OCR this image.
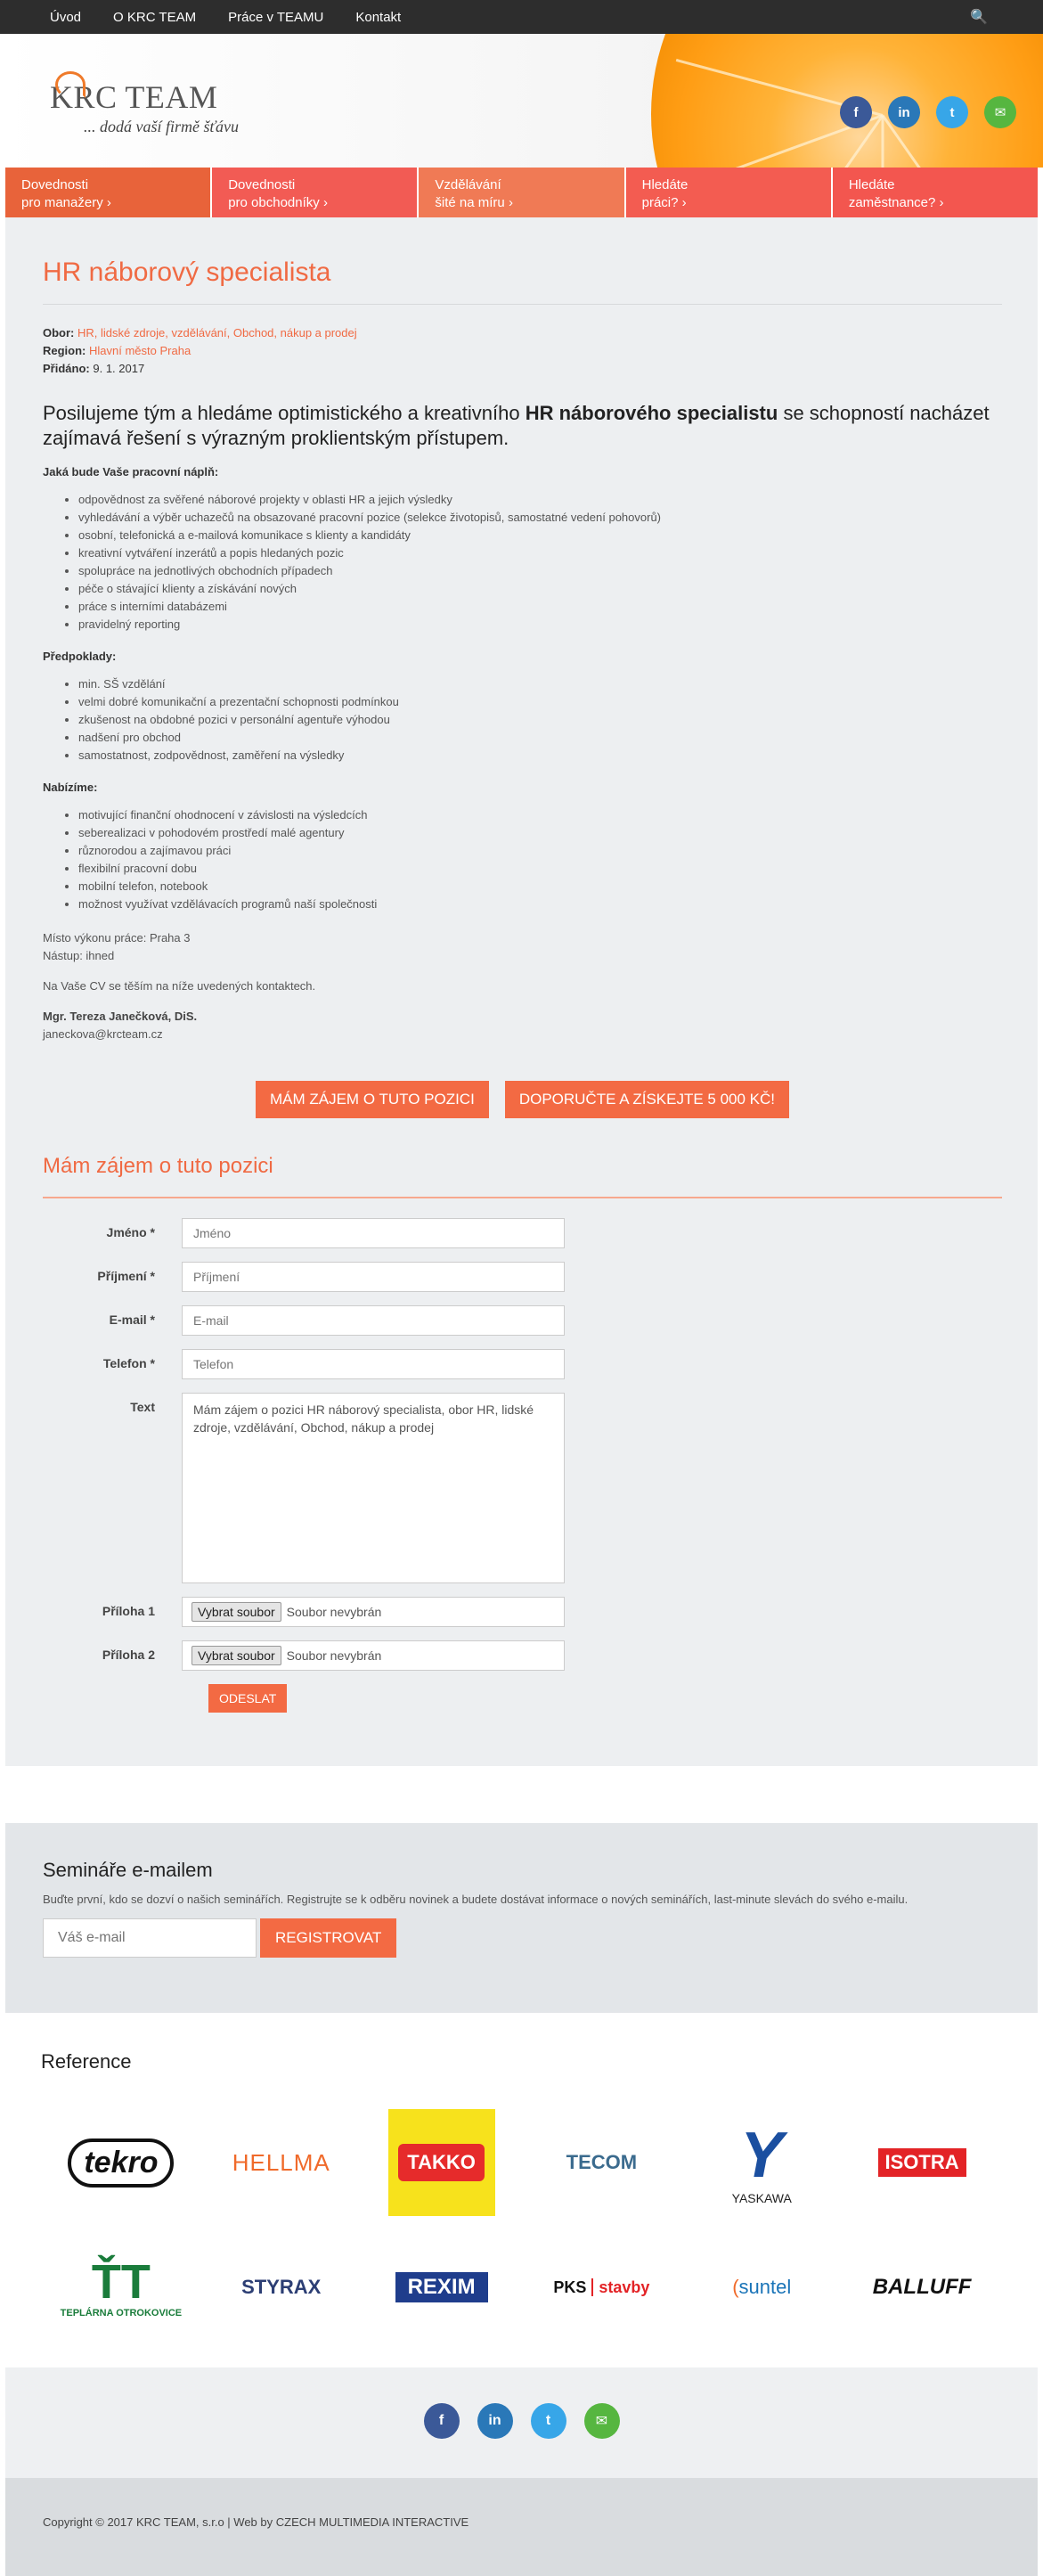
Úvod O KRC TEAM Práce v TEAMU Kontakt	🔍
KRC TEAM
... dodá vaší firmě šťávu
f	in	t	✉
Dovednosti
pro manažery ›
Dovednosti
pro obchodníky ›
Vzdělávání
šité na míru ›
Hledáte
práci? ›
Hledáte
zaměstnance? ›
HR náborový specialista
Obor: HR, lidské zdroje, vzdělávání, Obchod, nákup a prodej
Region: Hlavní město Praha
Přidáno: 9. 1. 2017

Posilujeme tým a hledáme optimistického a kreativního HR náborového specialistu se schopností nacházet zajímavá řešení s výrazným proklientským přístupem.

Jaká bude Vaše pracovní náplň:
• odpovědnost za svěřené náborové projekty v oblasti HR a jejich výsledky
• vyhledávání a výběr uchazečů na obsazované pracovní pozice (selekce životopisů, samostatné vedení pohovorů)
• osobní, telefonická a e-mailová komunikace s klienty a kandidáty
• kreativní vytváření inzerátů a popis hledaných pozic
• spolupráce na jednotlivých obchodních případech
• péče o stávající klienty a získávání nových
• práce s interními databázemi
• pravidelný reporting
Předpoklady:
• min. SŠ vzdělání
• velmi dobré komunikační a prezentační schopnosti podmínkou
• zkušenost na obdobné pozici v personální agentuře výhodou
• nadšení pro obchod
• samostatnost, zodpovědnost, zaměření na výsledky
Nabízíme:
• motivující finanční ohodnocení v závislosti na výsledcích
• seberealizaci v pohodovém prostředí malé agentury
• různorodou a zajímavou práci
• flexibilní pracovní dobu
• mobilní telefon, notebook
• možnost využívat vzdělávacích programů naší společnosti
Místo výkonu práce: Praha 3
Nástup: ihned
Na Vaše CV se těším na níže uvedených kontaktech.
Mgr. Tereza Janečková, DiS.
janeckova@krcteam.cz
MÁM ZÁJEM O TUTO POZICI	DOPORUČTE A ZÍSKEJTE 5 000 KČ!
Mám zájem o tuto pozici
Jméno *
Jméno
Příjmení *
Příjmení
E-mail *
E-mail
Telefon *
Telefon
Text
Mám zájem o pozici HR náborový specialista, obor HR, lidské zdroje, vzdělávání, Obchod, nákup a prodej
Příloha 1	Vybrat soubor Soubor nevybrán
Příloha 2	Vybrat soubor Soubor nevybrán
ODESLAT
Semináře e-mailem

Buďte první, kdo se dozví o našich seminářích. Registrujte se k odběru novinek a budete dostávat informace o nových seminářích, last-minute slevách do svého e-mailu.

Váš e-mail
REGISTROVAT
Reference
tekro	HELLMA	TAKKO	TECOM Y
YASKAWA
ISOTRA
ŤT
TEPLÁRNA OTROKOVICE
STYRAX	REXIM	PKS stavby	(suntel	BALLUFF
f	in	t	✉
Copyright © 2017 KRC TEAM, s.r.o | Web by CZECH MULTIMEDIA INTERACTIVE
